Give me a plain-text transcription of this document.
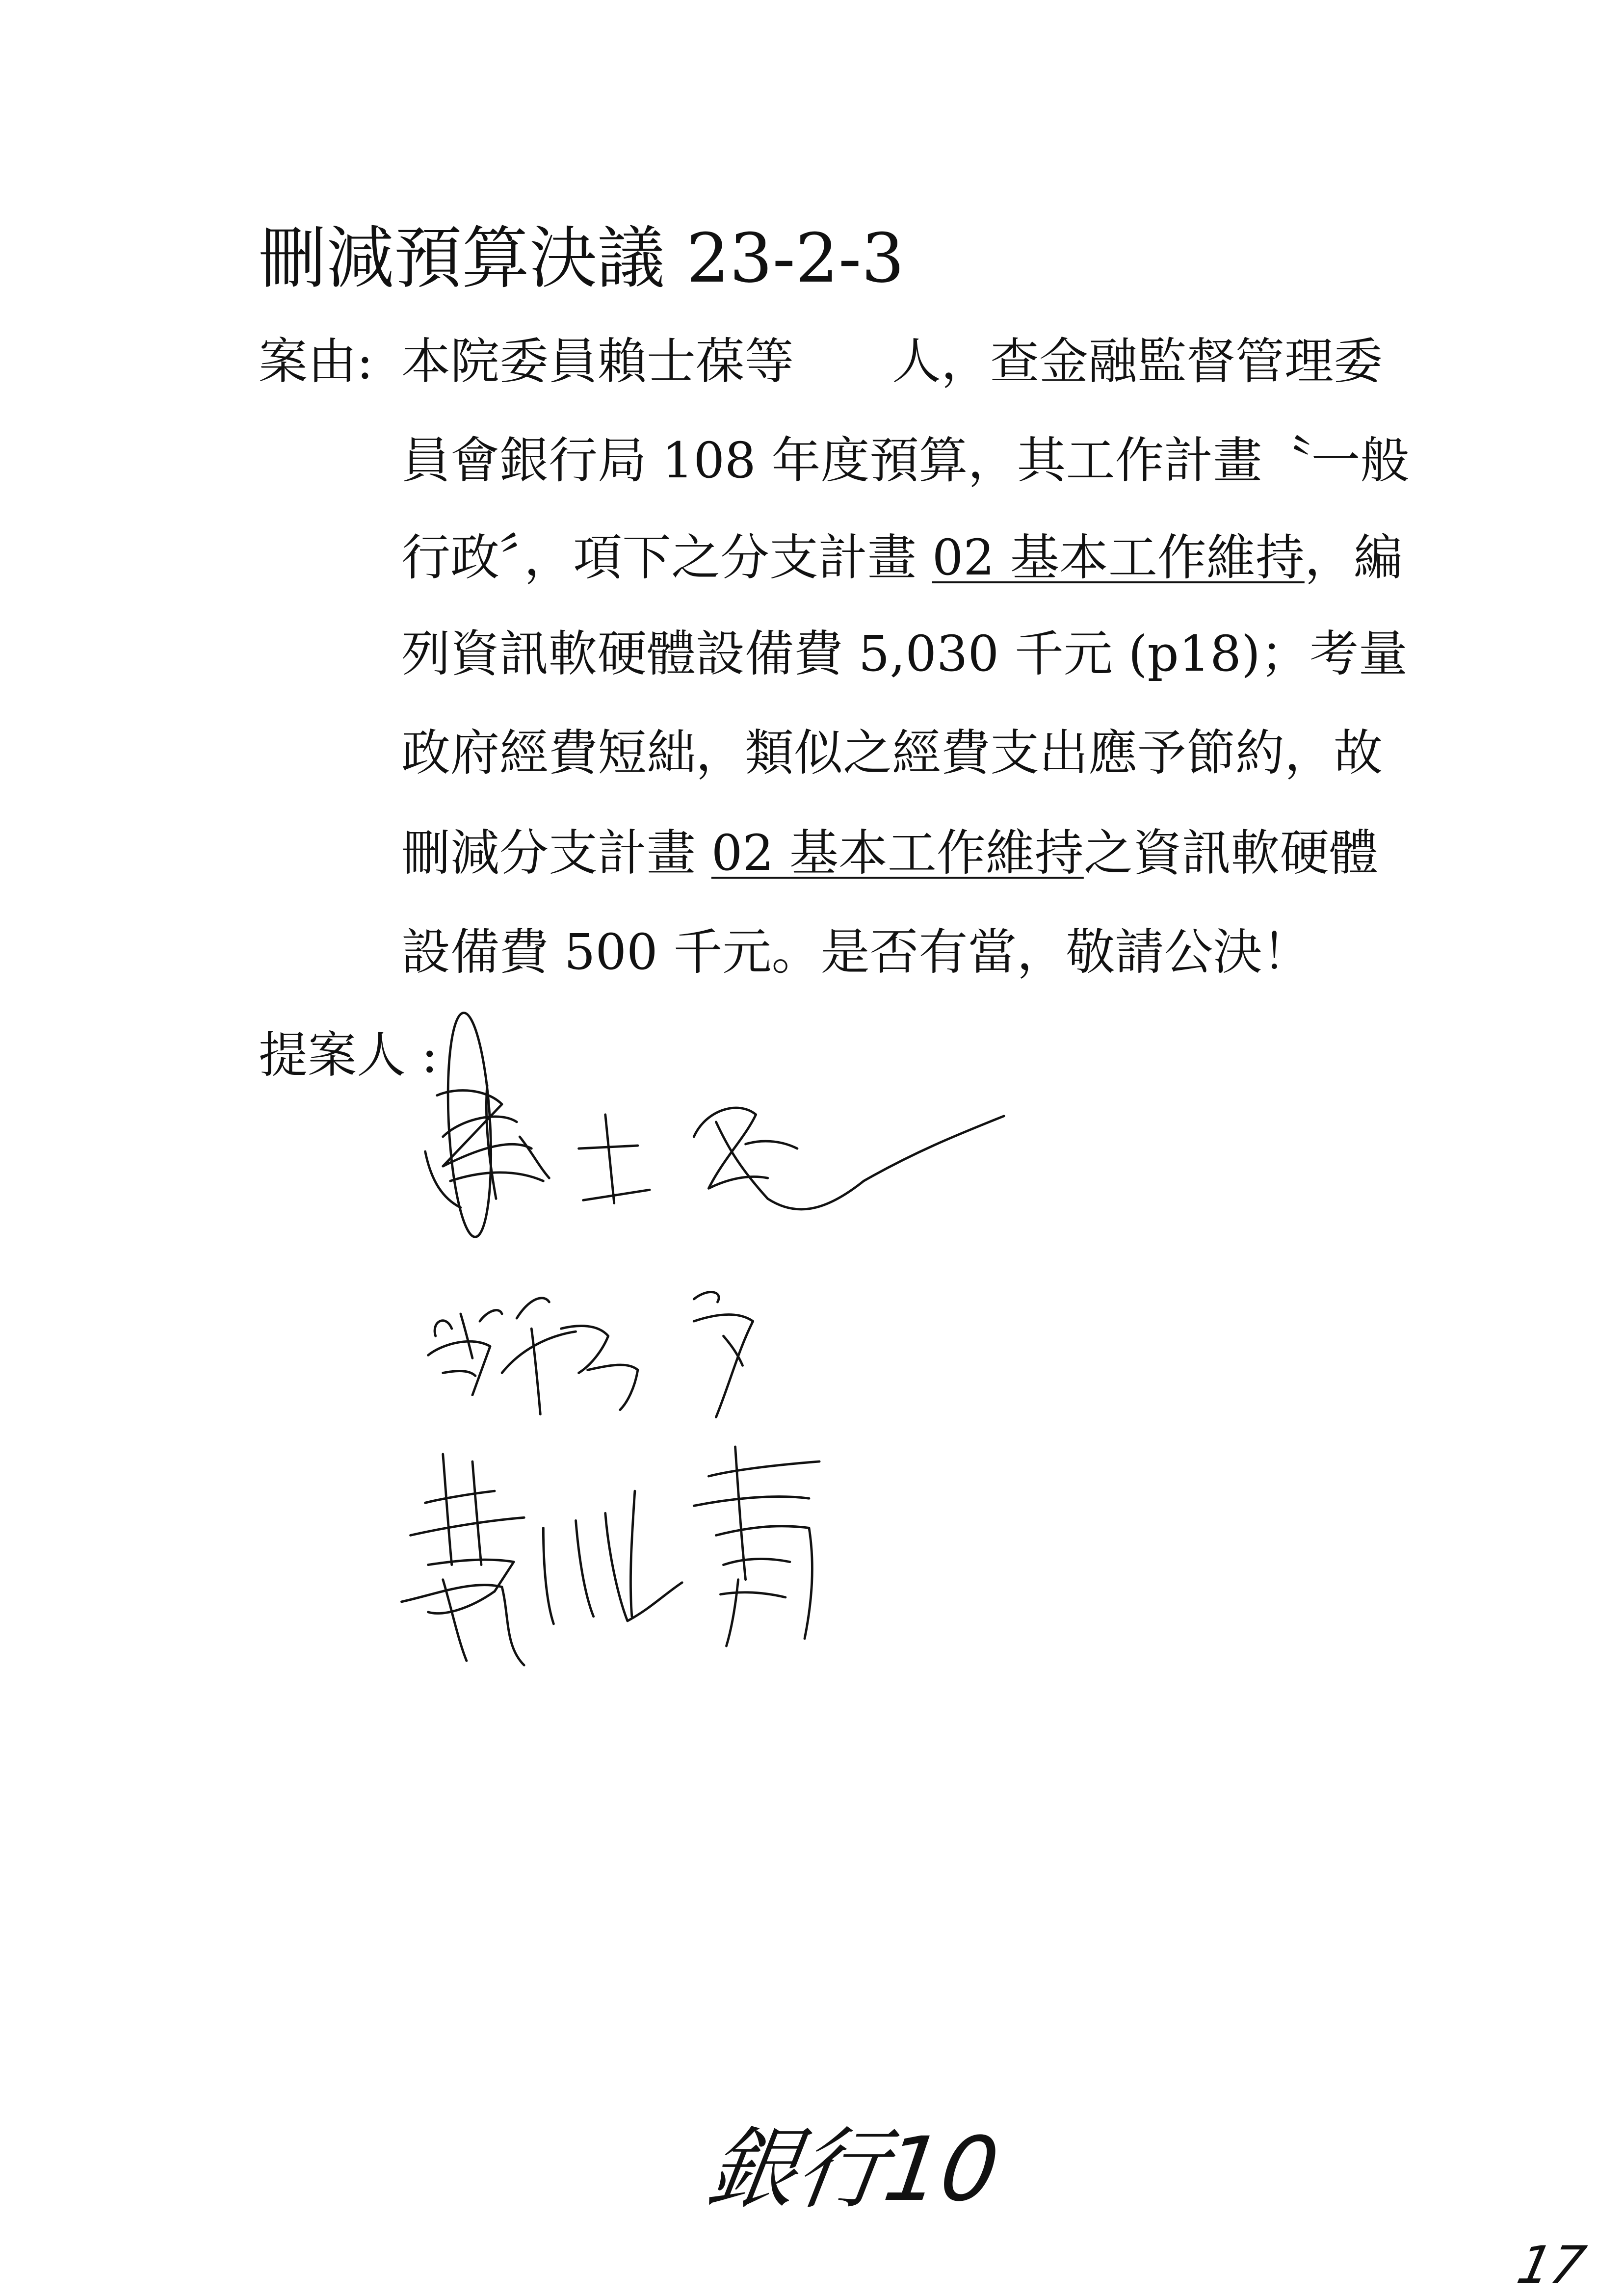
刪減預算決議 23-2-3
案由: 本院委員賴士葆等　　人，查金融監督管理委
員會銀行局 108 年度預算，其工作計畫〝一般
行政〞，項下之分支計畫 02 基本工作維持，編
列資訊軟硬體設備費 5,030 千元 (p18)；考量
政府經費短絀，類似之經費支出應予節約，故
刪減分支計畫 02 基本工作維持之資訊軟硬體
設備費 500 千元。是否有當，敬請公決！
提案人 :
銀行10
17
